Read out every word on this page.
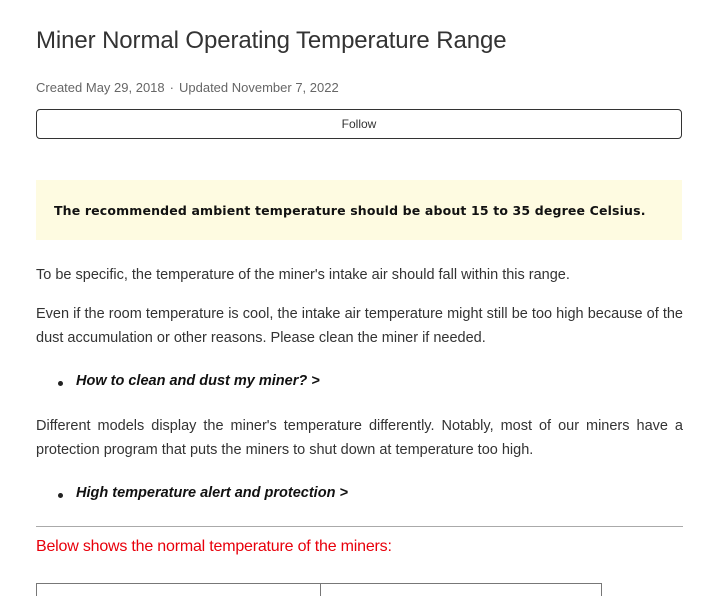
Miner Normal Operating Temperature Range
Created May 29, 2018 · Updated November 7, 2022
Follow
The recommended ambient temperature should be about 15 to 35 degree Celsius.
To be specific, the temperature of the miner's intake air should fall within this range.
Even if the room temperature is cool, the intake air temperature might still be too high because of the dust accumulation or other reasons. Please clean the miner if needed.
How to clean and dust my miner? >
Different models display the miner's temperature differently. Notably, most of our miners have a protection program that puts the miners to shut down at temperature too high.
High temperature alert and protection >
Below shows the normal temperature of the miners:
